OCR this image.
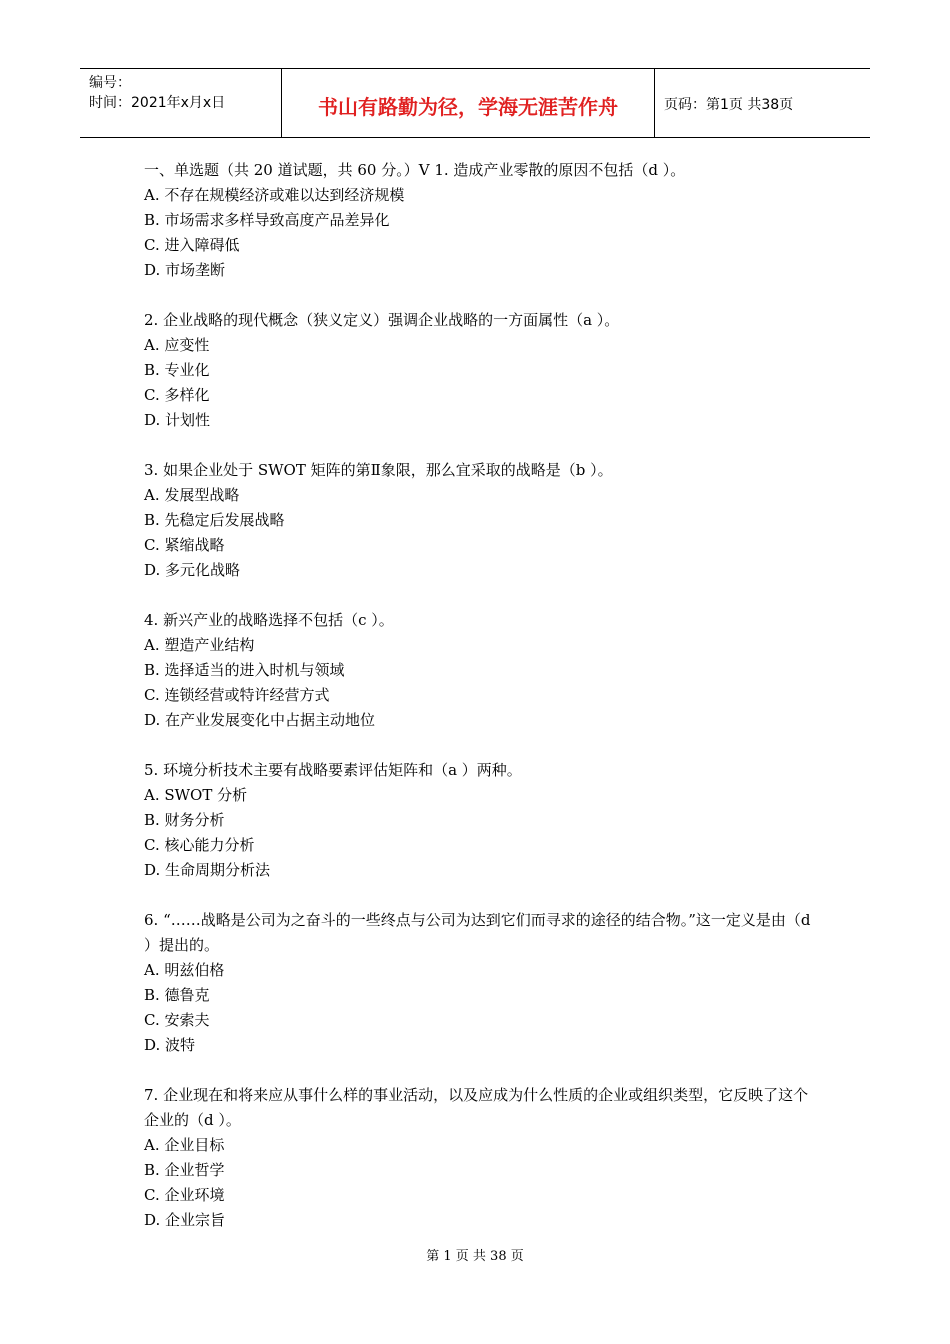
编号：
时间：2021年x月x日	书山有路勤为径，学海无涯苦作舟	页码：第1页 共38页

一、单选题（共 20 道试题，共 60 分。）V 1. 造成产业零散的原因不包括（d ）。

A. 不存在规模经济或难以达到经济规模

B. 市场需求多样导致高度产品差异化

C. 进入障碍低

D. 市场垄断

2. 企业战略的现代概念（狭义定义）强调企业战略的一方面属性（a ）。

A. 应变性

B. 专业化

C. 多样化

D. 计划性

3. 如果企业处于 SWOT 矩阵的第Ⅱ象限，那么宜采取的战略是（b ）。

A. 发展型战略

B. 先稳定后发展战略

C. 紧缩战略

D. 多元化战略

4. 新兴产业的战略选择不包括（c ）。

A. 塑造产业结构

B. 选择适当的进入时机与领域

C. 连锁经营或特许经营方式

D. 在产业发展变化中占据主动地位

5. 环境分析技术主要有战略要素评估矩阵和（a ）两种。

A. SWOT 分析

B. 财务分析

C. 核心能力分析

D. 生命周期分析法

6. “……战略是公司为之奋斗的一些终点与公司为达到它们而寻求的途径的结合物。”这一定义是由（d ）提出的。

A. 明兹伯格

B. 德鲁克

C. 安索夫

D. 波特

7. 企业现在和将来应从事什么样的事业活动，以及应成为什么性质的企业或组织类型，它反映了这个企业的（d ）。

A. 企业目标

B. 企业哲学

C. 企业环境

D. 企业宗旨

第 1 页 共 38 页
